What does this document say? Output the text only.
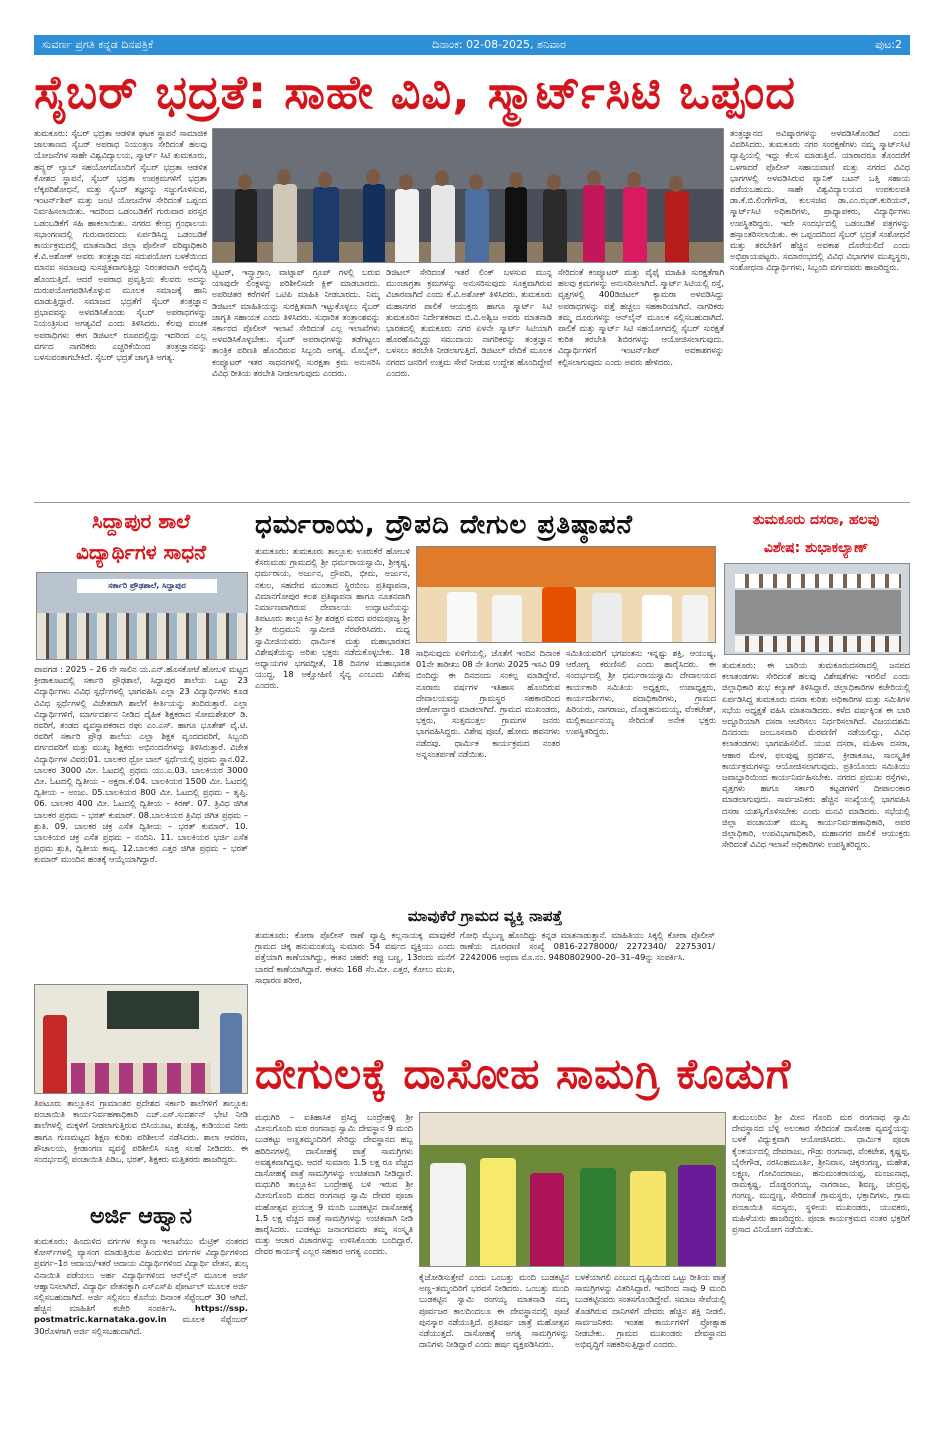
ಸುವರ್ಣ ಪ್ರಗತಿ ಕನ್ನಡ ದಿನಪತ್ರಿಕೆ	ದಿನಾಂಕ: 02-08-2025, ಶನಿವಾರ	ಪುಟ:2
ಸೈಬರ್ ಭದ್ರತೆ: ಸಾಹೇ ವಿವಿ, ಸ್ಮಾರ್ಟ್‌ಸಿಟಿ ಒಪ್ಪಂದ
ತುಮಕೂರು: ಸೈಬರ್ ಭದ್ರತಾ ಆಡಳಿತ ಘಟಕ ಸ್ಥಾಪನೆ ಸಾಮಾಜಿಕ ಜಾಲತಾಣದ ಸೈಬರ್ ಅಪರಾಧ ನಿಯಂತ್ರಣ ಸೇರಿದಂತೆ ಹಲವು ಯೋಜನೆಗಳ ಸಾಹೇ ವಿಶ್ವವಿದ್ಯಾಲಯ, ಸ್ಮಾರ್ಟ್ ಸಿಟಿ ತುಮಕೂರು, ಹನ್ಸ್ಬರ್ ಲ್ಯಾಬ್ ಸಹಯೋಗದೊಂದಿಗೆ ಸೈಬರ್ ಭದ್ರತಾ ಆಡಳಿತ ಕೋಶದ ಸ್ಥಾಪನೆ, ಸೈಬರ್ ಭದ್ರತಾ ಉಪಕ್ರಮಗಳಿಗೆ ಭದ್ರತಾ ಲೆಕ್ಕಪರಿಶೋಧನೆ, ಮತ್ತು ಸೈಬರ್ ತಜ್ಞರನ್ನು ಸಜ್ಜುಗೊಳಿಸುವ, ಇಂಟರ್ನ್‌ಶಿಪ್ ಮತ್ತು ಜಂಟಿ ಯೋಜನೆಗಳ ಸೇರಿದಂತೆ ಒಪ್ಪಂದ ನಿರ್ವಹಿಸಲಾಯಿತು. ಇದರಿಂದ ಒಡಂಬಡಿಕೆಗೆ ಗುರುವಾರ ಪರಸ್ಪರ ಒಡಂಬಡಿಕೆಗೆ ಸಹಿ ಹಾಕಲಾಯಿತು. ನಗರದ ಕೇಂದ್ರ ಗ್ರಂಥಾಲಯ ಸಭಾಂಗಣದಲ್ಲಿ ಗುರುವಾರದಂದು ಏರ್ಪಡಿಸಿದ್ದ ಒಡಂಬಡಿಕೆ ಕಾರ್ಯಕ್ರಮದಲ್ಲಿ ಮಾತನಾಡಿದ ಜಿಲ್ಲಾ ಪೊಲೀಸ್ ವರಿಷ್ಠಾಧಿಕಾರಿ ಕೆ.ವಿ.ಅಶೋಕ್ ಅವರು ತಂತ್ರಜ್ಞಾನದ ಸದುಪಯೋಗ ಬಳಕೆಯಿಂದ ಮಾನವ ಸಮಾಜವು ಸುಸಜ್ಜಿತವಾಗುತ್ತಿದ್ದು ನಿರಂತರವಾಗಿ ಅಭಿವೃದ್ಧಿ ಹೊಂದುತ್ತಿದೆ. ಆದರೆ ಅಪರಾಧ ಪ್ರವೃತ್ತಿಯ ಕೆಲವರು ಅದನ್ನು ದುರುಪಯೋಗಪಡಿಸಿಕೊಳ್ಳುವ ಮೂಲಕ ಸಮಾಜಕ್ಕೆ ಹಾನಿ ಮಾಡುತ್ತಿದ್ದಾರೆ. ಸಮಾಜದ ಭದ್ರತೆಗೆ ಸೈಬರ್ ತಂತ್ರಜ್ಞಾನ ಪ್ರಭಾವವನ್ನು ಅಳವಡಿಸಿಕೊಂಡು ಸೈಬರ್ ಅಪರಾಧಗಳನ್ನು ನಿಯಂತ್ರಿಸುವ ಅಗತ್ಯವಿದೆ ಎಂದು ತಿಳಿಸಿದರು. ಕೆಲವು ವಂಚಕ ಅಪರಾಧಿಗಳು ಈಗ ಡಿಜಿಟಲ್ ರೂಪದಲ್ಲಿದ್ದು ಇದರಿಂದ ಎಲ್ಲ ವರ್ಗದ ನಾಗರಿಕರು ಎಚ್ಚರಿಕೆಯಿಂದ ತಂತ್ರಜ್ಞಾನವನ್ನು ಬಳಸುವಂತಾಗಬೇಕಿದೆ. ಸೈಬರ್ ಭದ್ರತೆ ಜಾಗೃತಿ ಅಗತ್ಯ.
ಟ್ವಿಟರ್, ಇನ್ಸ್ಟಾಗ್ರಾಂ, ವಾಟ್ಸಾಪ್ ಗ್ರೂಪ್ ಗಳಲ್ಲಿ ಬರುವ ಯಾವುದೇ ಲಿಂಕ್ಗಳನ್ನು ಪರಿಶೀಲಿಸದೇ ಕ್ಲಿಕ್ ಮಾಡಬಾರದು. ಅಪರಿಚಿತರ ಕರೆಗಳಿಗೆ ಒಟಿಪಿ ಮಾಹಿತಿ ನೀಡಬಾರದು. ನಿಮ್ಮ ಡಿಜಿಟಲ್ ಮಾಹಿತಿಯನ್ನು ಸುರಕ್ಷಿತವಾಗಿ ಇಟ್ಟುಕೊಳ್ಳಲು ಸೈಬರ್ ಜಾಗೃತಿ ಸಹಾಯಕ ಎಂದು ತಿಳಿಸಿದರು. ಸುಧಾರಿತ ತಂತ್ರಾಂಶವನ್ನು ಸರ್ಕಾರದ ಪೊಲೀಸ್ ಇಲಾಖೆ ಸೇರಿದಂತೆ ಎಲ್ಲ ಇಲಾಖೆಗಳು ಅಳವಡಿಸಿಕೊಳ್ಳಬೇಕು. ಸೈಬರ್ ಅಪರಾಧಗಳನ್ನು ತಡೆಗಟ್ಟಲು ತಾಂತ್ರಿಕ ಪರಿಣತಿ ಹೊಂದಿರುವ ಸಿಬ್ಬಂದಿ ಅಗತ್ಯ. ಮೊಬೈಲ್, ಕಂಪ್ಯೂಟರ್ ಇತರ ಸಾಧನಗಳಲ್ಲಿ ಸುರಕ್ಷತಾ ಕ್ರಮ ಅನುಸರಿಸಿ ವಿವಿಧ ರೀತಿಯ ತರಬೇತಿ ನೀಡಲಾಗುವುದು ಎಂದರು.
ಡಿಜಿಟಲ್ ಸೇರಿದಂತೆ ಇತರೆ ಲಿಂಕ್ ಬಳಸುವ ಮುನ್ನ ಮುಂಜಾಗ್ರತಾ ಕ್ರಮಗಳನ್ನು ಅನುಸರಿಸುವುದು ಸೂಕ್ತವಾಗಿರುವ ವಿಚಾರವಾಗಿದೆ ಎಂದು ಕೆ.ವಿ.ಅಶೋಕ್ ತಿಳಿಸಿದರು. ತುಮಕೂರು ಮಹಾನಗರ ಪಾಲಿಕೆ ಆಯುಕ್ತರು ಹಾಗೂ ಸ್ಮಾರ್ಟ್ ಸಿಟಿ ತುಮಕೂರಿನ ನಿರ್ದೇಶಕರಾದ ಬಿ.ವಿ.ಅಶ್ವಿಜ ಅವರು ಮಾತನಾಡಿ ಭಾರತದಲ್ಲಿ ತುಮಕೂರು ನಗರ ಏಳನೇ ಸ್ಮಾರ್ಟ್ ಸಿಟಿಯಾಗಿ ಹೊರಹೊಮ್ಮಿದ್ದು ಸಮುದಾಯ ನಾಗರಿಕರನ್ನು ತಂತ್ರಜ್ಞಾನ ಬಳಸಲು ತರಬೇತಿ ನೀಡಲಾಗುತ್ತಿದೆ. ಡಿಜಿಟಲ್ ವೇದಿಕೆ ಮೂಲಕ ನಗರದ ಜನರಿಗೆ ಉತ್ತಮ ಸೇವೆ ನೀಡುವ ಉದ್ದೇಶ ಹೊಂದಿದ್ದೇವೆ ಎಂದರು.
ಸೇರಿದಂತೆ ಕಂಪ್ಯೂಟರ್ ಮತ್ತು ವೈಫೈ ಮಾಹಿತಿ ಸುರಕ್ಷತೆಗಾಗಿ ಹಲವು ಕ್ರಮಗಳನ್ನು ಅನುಸರಿಸಲಾಗಿದೆ. ಸ್ಮಾರ್ಟ್ ಸಿಟಿಯಲ್ಲಿ ರಸ್ತೆ, ವೃತ್ತಗಳಲ್ಲಿ 400ಡಿಜಿಟಲ್ ಕ್ಯಾಮರಾ ಅಳವಡಿಸಿದ್ದು ಅಪರಾಧಗಳನ್ನು ಪತ್ತೆ ಹಚ್ಚಲು ಸಹಕಾರಿಯಾಗಿದೆ. ನಾಗರಿಕರು ತಮ್ಮ ದೂರುಗಳನ್ನು ಆನ್‌ಲೈನ್ ಮೂಲಕ ಸಲ್ಲಿಸಬಹುದಾಗಿದೆ. ಪಾಲಿಕೆ ಮತ್ತು ಸ್ಮಾರ್ಟ್ ಸಿಟಿ ಸಹಯೋಗದಲ್ಲಿ ಸೈಬರ್ ಸುರಕ್ಷತೆ ಕುರಿತ ತರಬೇತಿ ಶಿಬಿರಗಳನ್ನು ಆಯೋಜಿಸಲಾಗುವುದು. ವಿದ್ಯಾರ್ಥಿಗಳಿಗೆ ಇಂಟರ್ನ್‌ಶಿಪ್ ಅವಕಾಶಗಳನ್ನು ಕಲ್ಪಿಸಲಾಗುವುದು ಎಂದು ಅವರು ಹೇಳಿದರು.
ತಂತ್ರಜ್ಞಾನದ ಅವಿಷ್ಕಾರಗಳನ್ನು ಅಳವಡಿಸಿಕೊಂಡಿದೆ ಎಂದು ವಿವರಿಸಿದರು. ತುಮಕೂರು ನಗರ ಸಂರಕ್ಷಣೆಗಳು ನಮ್ಮ ಸ್ಮಾರ್ಟ್‌ಸಿಟಿ ವ್ಯಾಪ್ತಿಯಲ್ಲಿ ಇದ್ದು ಕೆಲಸ ಮಾಡುತ್ತಿವೆ. ಯಾರಾದರೂ ತೊಂದರೆಗೆ ಒಳಗಾದರೆ ಪೊಲೀಸ್ ಸಹಾಯವಾಣಿ ಮತ್ತು ನಗರದ ವಿವಿಧ ಭಾಗಗಳಲ್ಲಿ ಅಳವಡಿಸಿರುವ ಪ್ಯಾನಿಕ್ ಬಟನ್ ಒತ್ತಿ ಸಹಾಯ ಪಡೆಯಬಹುದು. ಸಾಹೇ ವಿಶ್ವವಿದ್ಯಾಲಯದ ಉಪಕುಲಪತಿ ಡಾ.ಕೆ.ಬಿ.ಲಿಂಗೇಗೌಡ, ಕುಲಸಚಿವ ಡಾ.ಎಂ.ಝಡ್.ಕುರಿಯನ್, ಸ್ಮಾರ್ಟ್‌ಸಿಟಿ ಅಧಿಕಾರಿಗಳು, ಪ್ರಾಧ್ಯಾಪಕರು, ವಿದ್ಯಾರ್ಥಿಗಳು ಉಪಸ್ಥಿತರಿದ್ದರು. ಇದೇ ಸಂದರ್ಭದಲ್ಲಿ ಒಡಂಬಡಿಕೆ ಪತ್ರಗಳನ್ನು ಹಸ್ತಾಂತರಿಸಲಾಯಿತು. ಈ ಒಪ್ಪಂದದಿಂದ ಸೈಬರ್ ಭದ್ರತೆ ಸಂಶೋಧನೆ ಮತ್ತು ತರಬೇತಿಗೆ ಹೆಚ್ಚಿನ ಅವಕಾಶ ದೊರೆಯಲಿದೆ ಎಂದು ಅಭಿಪ್ರಾಯಪಟ್ಟರು. ಸಮಾರಂಭದಲ್ಲಿ ವಿವಿಧ ವಿಭಾಗಗಳ ಮುಖ್ಯಸ್ಥರು, ಸಂಶೋಧನಾ ವಿದ್ಯಾರ್ಥಿಗಳು, ಸಿಬ್ಬಂದಿ ವರ್ಗದವರು ಹಾಜರಿದ್ದರು.
ಸಿದ್ದಾಪುರ ಶಾಲೆ
ವಿದ್ಯಾರ್ಥಿಗಳ ಸಾಧನೆ
ಸರ್ಕಾರಿ ಪ್ರೌಢಶಾಲೆ, ಸಿದ್ದಾಪುರ
ಪಾವಗಡ : 2025 – 26 ನೇ ಸಾಲಿನ ಯ.ಎನ್.ಹೊಸಕೋಟೆ ಹೋಬಳಿ ಮಟ್ಟದ ಕ್ರೀಡಾಕೂಟದಲ್ಲಿ ಸರ್ಕಾರಿ ಪ್ರೌಢಶಾಲೆ, ಸಿದ್ದಾಪುರ ಶಾಲೆಯ ಒಟ್ಟು 23 ವಿದ್ಯಾರ್ಥಿಗಳು ವಿವಿಧ ಸ್ಪರ್ಧೆಗಳಲ್ಲಿ ಭಾಗವಹಿಸಿ ಎಲ್ಲಾ 23 ವಿದ್ಯಾರ್ಥಿಗಳು ಕೂಡ ವಿವಿಧ ಸ್ಪರ್ಧೆಗಳಲ್ಲಿ ವಿಜೇತರಾಗಿ ಶಾಲೆಗೆ ಕೀರ್ತಿಯನ್ನು ತಂದಿರುತ್ತಾರೆ. ಎಲ್ಲಾ ವಿದ್ಯಾರ್ಥಿಗಳಿಗೆ, ಮಾರ್ಗದರ್ಶನ ನೀಡಿದ ದೈಹಿಕ ಶಿಕ್ಷಕರಾದ ಸೋಮಶೇಖರ್ ಡಿ. ರವರಿಗೆ, ತಂಡದ ವ್ಯವಸ್ಥಾಪಕರಾದ ರಘು ಎಂ.ಎಸ್. ಹಾಗೂ ಭೂತೇಶ್ ವೈ.ಟಿ. ರವರಿಗೆ ಸರ್ಕಾರಿ ಪ್ರೌಢ ಶಾಲೆಯ ಎಲ್ಲಾ ಶಿಕ್ಷಕ ವೃಂದದವರಿಗೆ, ಸಿಬ್ಬಂದಿ ವರ್ಗದವರಿಗೆ ಮತ್ತು ಮುಖ್ಯ ಶಿಕ್ಷಕರು ಅಭಿನಂದನೆಗಳನ್ನು ತಿಳಿಸಿರುತ್ತಾರೆ. ವಿಜೇತ ವಿದ್ಯಾರ್ಥಿಗಳ ವಿವರ:01. ಬಾಲಕರ ಥ್ರೋ ಬಾಲ್ ಸ್ಪರ್ಧೆಯಲ್ಲಿ ಪ್ರಥಮ ಸ್ಥಾನ.02. ಬಾಲಕರ 3000 ಮೀ. ಓಟದಲ್ಲಿ ಪ್ರಥಮ ಯು.ಎ.03. ಬಾಲಕಿಯರ 3000 ಮೀ. ಓಟದಲ್ಲಿ ದ್ವಿತೀಯ – ಅಕ್ಷರಾ.ಕೆ.04. ಬಾಲಕಿಯರ 1500 ಮೀ. ಓಟದಲ್ಲಿ ದ್ವಿತೀಯ – ಅಂಜು. 05.ಬಾಲಕಿಯರ 800 ಮೀ. ಓಟದಲ್ಲಿ ಪ್ರಥಮ – ತೃಪ್ತಿ. 06. ಬಾಲಕರ 400 ಮೀ. ಓಟದಲ್ಲಿ ದ್ವಿತೀಯ – ಕಿರಣ್. 07. ತ್ರಿವಿಧ ಜಿಗಿತ ಬಾಲಕರ ಪ್ರಥಮ – ಭರತ್ ಕುಮಾರ್. 08.ಬಾಲಕಿಯರ ತ್ರಿವಿಧ ಜಿಗಿತ ಪ್ರಥಮ – ಶ್ರುತಿ. 09. ಬಾಲಕರ ಚಕ್ರ ಎಸೆತ ದ್ವಿತೀಯ – ಭರತ್ ಕುಮಾರ್. 10. ಬಾಲಕಿಯರ ಚಕ್ರ ಎಸೆತ ಪ್ರಥಮ – ನಂದಿನಿ. 11. ಬಾಲಕಿಯರ ಭರ್ಜಿ ಎಸೆತ ಪ್ರಥಮ ಶ್ರುತಿ, ದ್ವಿತೀಯ ಕಾವ್ಯ. 12.ಬಾಲಕರ ಎತ್ತರ ಜಿಗಿತ ಪ್ರಥಮ – ಭರತ್ ಕುಮಾರ್ ಮುಂದಿನ ಹಂತಕ್ಕೆ ಆಯ್ಕೆಯಾಗಿದ್ದಾರೆ.
ಧರ್ಮರಾಯ, ದ್ರೌಪದಿ ದೇಗುಲ ಪ್ರತಿಷ್ಠಾಪನೆ
ತುಮಕೂರು: ತುಮಕೂರು ತಾಲ್ಲೂಕು ಊರುಕೆರೆ ಹೋಬಳಿ ಕೆಸರುಮಡು ಗ್ರಾಮದಲ್ಲಿ ಶ್ರೀ ಧರ್ಮರಾಯಸ್ವಾಮಿ, ಶ್ರೀಕೃಷ್ಣ, ಧರ್ಮರಾಯ, ಅರ್ಜುನ, ದ್ರೌಪದಿ, ಭೀಮ, ಅರ್ಜುನ, ನಕುಲ, ಸಹದೇವ ಮುಂತಾದ ಸ್ಥಿರಬಿಂಬ ಪ್ರತಿಷ್ಠಾಪನಾ, ವಿಮಾನಗೋಪುರ ಕಲಶ ಪ್ರತಿಷ್ಠಾಪನಾ ಹಾಗೂ ನೂತನವಾಗಿ ನಿರ್ಮಾಣವಾಗಿರುವ ದೇವಾಲಯ ಉದ್ಘಾಟನೆಯನ್ನು ತಿಪಟೂರು ತಾಲ್ಲೂಕಿನ ಶ್ರೀ ಶಡಕ್ಷರ ಮಠದ ಪರಮಪೂಜ್ಯ ಶ್ರೀ ಶ್ರೀ ರುದ್ರಮುನಿ ಸ್ವಾಮೀಜಿ ನೆರವೇರಿಸಿದರು. ಮಧ್ಯ ಸ್ವಾಮೀಜಿಯವರು ಧಾರ್ಮಿಕ ಮತ್ತು ಮಹಾಭಾರತದ ವಿಶೇಷತೆಯನ್ನು ಅರಿತು ಭಕ್ತರು ನಡೆದುಕೊಳ್ಳಬೇಕು. 18 ಅಧ್ಯಾಯಗಳ ಭಗವದ್ಗೀತೆ, 18 ದಿನಗಳ ಮಹಾಭಾರತ ಯುದ್ಧ, 18 ಅಕ್ಷೋಹಿಣಿ ಸೈನ್ಯ ಎಂಬುದು ವಿಶೇಷ ಎಂದರು.
ಸಾಧಿಸುವುದು ಏಳಿಗೆಯಲ್ಲಿ, ಜೊತೆಗೆ ಇಂದಿನ ದಿನಾಂಕ 01ನೇ ತಾರೀಖು 08 ನೇ ತಿಂಗಳು 2025 ಇಸವಿ 09 ಬಿಂದಿದ್ದು ಈ ದಿನದಂದು ಸಂಕಲ್ಪ ಮಾಡಿದ್ದೇವೆ. ನೂರಾರು ವರ್ಷಗಳ ಇತಿಹಾಸ ಹೊಂದಿರುವ ದೇವಾಲಯವನ್ನು ಗ್ರಾಮಸ್ಥರ ಸಹಕಾರದಿಂದ ಜೀರ್ಣೋದ್ಧಾರ ಮಾಡಲಾಗಿದೆ. ಗ್ರಾಮದ ಮುಖಂಡರು, ಭಕ್ತರು, ಸುತ್ತಮುತ್ತಲ ಗ್ರಾಮಗಳ ಜನರು ಭಾಗವಹಿಸಿದ್ದರು. ವಿಶೇಷ ಪೂಜೆ, ಹೋಮ ಹವನಗಳು ನಡೆದವು. ಧಾರ್ಮಿಕ ಕಾರ್ಯಕ್ರಮದ ನಂತರ ಅನ್ನಸಂತರ್ಪಣೆ ನಡೆಯಿತು.
ಸಮಿತಿಯವರಿಗೆ ಭಗವಂತನು ಇನ್ನಷ್ಟು ಶಕ್ತಿ, ಆಯುಷ್ಯ, ಆರೋಗ್ಯ ಕರುಣಿಸಲಿ ಎಂದು ಹಾರೈಸಿದರು. ಈ ಸಂದರ್ಭದಲ್ಲಿ ಶ್ರೀ ಧರ್ಮರಾಯಸ್ವಾಮಿ ದೇವಾಲಯದ ಕಾರ್ಯಕಾರಿ ಸಮಿತಿಯ ಅಧ್ಯಕ್ಷರು, ಉಪಾಧ್ಯಕ್ಷರು, ಕಾರ್ಯದರ್ಶಿಗಳು, ಪದಾಧಿಕಾರಿಗಳು, ಗ್ರಾಮದ ಹಿರಿಯರು, ನಾಗರಾಜು, ದೊಡ್ಡಹನುಮಯ್ಯ, ವೆಂಕಟೇಶ್, ಮಲ್ಲಿಕಾರ್ಜುನಯ್ಯ ಸೇರಿದಂತೆ ಅನೇಕ ಭಕ್ತರು ಉಪಸ್ಥಿತರಿದ್ದರು.
ತುಮಕೂರು ದಸರಾ, ಹಲವು
ವಿಶೇಷ: ಶುಭಾಕಲ್ಯಾಣ್
ತುಮಕೂರು: ಈ ಬಾರಿಯ ತುಮಕೂರುದಸರಾದಲ್ಲಿ ಜನಪದ ಕಲಾತಂಡಗಳು ಸೇರಿದಂತೆ ಹಲವು ವಿಶೇಷತೆಗಳು ಇರಲಿವೆ ಎಂದು ಜಿಲ್ಲಾಧಿಕಾರಿ ಶುಭ ಕಲ್ಯಾಣ್ ತಿಳಿಸಿದ್ದಾರೆ. ಜಿಲ್ಲಾಧಿಕಾರಿಗಳ ಕಚೇರಿಯಲ್ಲಿ ಏರ್ಪಡಿಸಿದ್ದ ತುಮಕೂರು ದಸರಾ ಕುರಿತು ಅಧಿಕಾರಿಗಳ ಮತ್ತು ಸಮಿತಿಗಳ ಸಭೆಯ ಅಧ್ಯಕ್ಷತೆ ವಹಿಸಿ ಮಾತನಾಡಿದರು. ಕಳೆದ ವರ್ಷಕ್ಕಿಂತ ಈ ಬಾರಿ ಅದ್ದೂರಿಯಾಗಿ ದಸರಾ ಆಚರಿಸಲು ನಿರ್ಧರಿಸಲಾಗಿದೆ. ವಿಜಯದಶಮಿ ದಿನದಂದು ಜಂಬೂಸವಾರಿ ಮೆರವಣಿಗೆ ನಡೆಯಲಿದ್ದು, ವಿವಿಧ ಕಲಾತಂಡಗಳು ಭಾಗವಹಿಸಲಿವೆ. ಯುವ ದಸರಾ, ಮಹಿಳಾ ದಸರಾ, ಆಹಾರ ಮೇಳ, ಫಲಪುಷ್ಪ ಪ್ರದರ್ಶನ, ಕ್ರೀಡಾಕೂಟ, ಸಾಂಸ್ಕೃತಿಕ ಕಾರ್ಯಕ್ರಮಗಳನ್ನು ಆಯೋಜಿಸಲಾಗುವುದು. ಪ್ರತಿಯೊಂದು ಸಮಿತಿಯು ಜವಾಬ್ದಾರಿಯಿಂದ ಕಾರ್ಯನಿರ್ವಹಿಸಬೇಕು. ನಗರದ ಪ್ರಮುಖ ರಸ್ತೆಗಳು, ವೃತ್ತಗಳು ಹಾಗೂ ಸರ್ಕಾರಿ ಕಟ್ಟಡಗಳಿಗೆ ದೀಪಾಲಂಕಾರ ಮಾಡಲಾಗುವುದು. ಸಾರ್ವಜನಿಕರು ಹೆಚ್ಚಿನ ಸಂಖ್ಯೆಯಲ್ಲಿ ಭಾಗವಹಿಸಿ ದಸರಾ ಯಶಸ್ವಿಗೊಳಿಸಬೇಕು ಎಂದು ಮನವಿ ಮಾಡಿದರು. ಸಭೆಯಲ್ಲಿ ಜಿಲ್ಲಾ ಪಂಚಾಯತ್ ಮುಖ್ಯ ಕಾರ್ಯನಿರ್ವಹಣಾಧಿಕಾರಿ, ಅಪರ ಜಿಲ್ಲಾಧಿಕಾರಿ, ಉಪವಿಭಾಗಾಧಿಕಾರಿ, ಮಹಾನಗರ ಪಾಲಿಕೆ ಆಯುಕ್ತರು ಸೇರಿದಂತೆ ವಿವಿಧ ಇಲಾಖೆ ಅಧಿಕಾರಿಗಳು ಉಪಸ್ಥಿತರಿದ್ದರು.
ಮಾವುಕೆರೆ ಗ್ರಾಮದ ವ್ಯಕ್ತಿ ನಾಪತ್ತೆ
ತುಮಕೂರು: ಕೋರಾ ಪೊಲೀಸ್ ಠಾಣೆ ವ್ಯಾಪ್ತಿ ಕಲ್ಲನಾಯಕ್ಕ ಮಾವುಕೆರೆ ಗ್ರಾಮದ ಚಿಕ್ಕ ಹನುಮಂತಯ್ಯ ಸುಮಾರು 54 ವರ್ಷದ ವ್ಯಕ್ತಿಯು ಎಂದು ಪತ್ತೆಯಾಗಿ ಕಾಣೆಯಾಗಿದ್ದು, ಈತನ ಚಹರೆ: ಕಪ್ಪು ಬಣ್ಣ, 13ರಂದು ಮನೆಗೆ ಬಾರದೆ ಕಾಣೆಯಾಗಿದ್ದಾರೆ. ಈತನು 168 ಸೆಂ.ಮೀ. ಎತ್ತರ, ಕೋಲು ಮುಖ, ಸಾಧಾರಣ ಶರೀರ,
ಗೋಧಿ ಮೈಬಣ್ಣ ಹೊಂದಿದ್ದು ಕನ್ನಡ ಮಾತನಾಡುತ್ತಾನೆ. ಮಾಹಿತಿಯು ಸಿಕ್ಕಲ್ಲಿ ಕೋರಾ ಪೊಲೀಸ್ ಠಾಣೆಯ ದೂರವಾಣಿ ಸಂಖ್ಯೆ 0816-2278000/ 2272340/ 2275301/ 2242006 ಅಥವಾ ಮೊ.ನಂ. 9480802900–20–31–49ನ್ನು ಸಂಪರ್ಕಿಸಿ.
ದೇಗುಲಕ್ಕೆ ದಾಸೋಹ ಸಾಮಗ್ರಿ ಕೊಡುಗೆ
ಮಧುಗಿರಿ – ಐತಿಹಾಸಿಕ ಪ್ರಸಿದ್ಧ ಬಂದ್ರೇಹಳ್ಳಿ ಶ್ರೀ ಮೀನುಗೊಂದಿ ಮಠ ರಂಗನಾಥ ಸ್ವಾಮಿ ದೇವಸ್ಥಾನ 9 ಮಂದಿ ಬುಡಕಟ್ಟು ಅಣ್ಣತಮ್ಮಂದಿರಿಗೆ ಸೇರಿದ್ದು ದೇವಸ್ಥಾನದ ಹಬ್ಬ ಹರಿದಿನಗಳಲ್ಲಿ ದಾಸೋಹಕ್ಕೆ ಪಾತ್ರೆ ಸಾಮಗ್ರಿಗಳು ಅವಶ್ಯಕವಾಗಿದ್ದವು. ಆದರೆ ಸುಮಾರು 1.5 ಲಕ್ಷ ರೂ ವೆಚ್ಚದ ದಾಸೋಹಕ್ಕೆ ಪಾತ್ರೆ ಸಾಮಗ್ರಿಗಳನ್ನು ಉಚಿತವಾಗಿ ನೀಡಿದ್ದಾರೆ. ಮಧುಗಿರಿ ತಾಲ್ಲೂಕಿನ ಬಂದ್ರೇಹಳ್ಳಿ ಬಳಿ ಇರುವ ಶ್ರೀ ಮೀನುಗೊಂದಿ ಮಠದ ರಂಗನಾಥ ಸ್ವಾಮಿ ದೇವರ ಪೂಜಾ ಮಹೋತ್ಸವ ಪ್ರಯುಕ್ತ 9 ಮಂದಿ ಬುಡಕಟ್ಟಿನ ದಾಸೋಹಕ್ಕೆ 1.5 ಲಕ್ಷ ವೆಚ್ಚದ ಪಾತ್ರೆ ಸಾಮಗ್ರಿಗಳನ್ನು ಉಚಿತವಾಗಿ ನೀಡಿ ಹಾರೈಸಿದರು. ಬುಡಕಟ್ಟು ಜನಾಂಗದವರು ತಮ್ಮ ಸಂಸ್ಕೃತಿ ಮತ್ತು ಆಚಾರ ವಿಚಾರಗಳನ್ನು ಉಳಿಸಿಕೊಂಡು ಬಂದಿದ್ದಾರೆ. ದೇವರ ಕಾರ್ಯಕ್ಕೆ ಎಲ್ಲರ ಸಹಕಾರ ಅಗತ್ಯ ಎಂದರು.
ಕೈಜೋಡಿಸುತ್ತೇವೆ ಎಂದು ಒಂಬತ್ತು ಮಂದಿ ಬುಡಕಟ್ಟಿನ ಅಣ್ಣ–ತಮ್ಮಂದಿರಿಗೆ ಭರವಸೆ ನೀಡಿದರು. ಒಂಬತ್ತು ಮಂದಿ ಬುಡಕಟ್ಟಿನ ಸ್ವಾಮಿ ರಂಗಯ್ಯ ಮಾತನಾಡಿ ನಮ್ಮ ಪೂರ್ವಜರ ಕಾಲದಿಂದಲೂ ಈ ದೇವಸ್ಥಾನದಲ್ಲಿ ಪೂಜೆ ಪುನಸ್ಕಾರ ನಡೆಯುತ್ತಿದೆ. ಪ್ರತಿವರ್ಷ ಜಾತ್ರೆ ಮಹೋತ್ಸವ ನಡೆಯುತ್ತದೆ. ದಾಸೋಹಕ್ಕೆ ಅಗತ್ಯ ಸಾಮಗ್ರಿಗಳನ್ನು ದಾನಿಗಳು ನೀಡಿದ್ದಾರೆ ಎಂದು ಹರ್ಷ ವ್ಯಕ್ತಪಡಿಸಿದರು.
ಬಳಕೆಯಾಗಲಿ ಎಂಬುದ ದೃಷ್ಟಿಯಿಂದ ಒಟ್ಟು ರೀತಿಯ ಪಾತ್ರೆ ಸಾಮಗ್ರಿಗಳನ್ನು ವಿತರಿಸಿದ್ದಾರೆ. ಇದರಿಂದ ನಾವು 9 ಮಂದಿ ಬುಡಕಟ್ಟಿನವರು ಸಂತಸಗೊಂಡಿದ್ದೇವೆ. ಸಮಾಜ ಸೇವೆಯಲ್ಲಿ ತೊಡಗಿರುವ ದಾನಿಗಳಿಗೆ ದೇವರು ಹೆಚ್ಚಿನ ಶಕ್ತಿ ನೀಡಲಿ. ಸಾರ್ವಜನಿಕರು ಇಂತಹ ಕಾರ್ಯಗಳಿಗೆ ಪ್ರೋತ್ಸಾಹ ನೀಡಬೇಕು. ಗ್ರಾಮದ ಮುಖಂಡರು ದೇವಸ್ಥಾನದ ಅಭಿವೃದ್ಧಿಗೆ ಸಹಕರಿಸುತ್ತಿದ್ದಾರೆ ಎಂದರು.
ತುಮುಲುರಿನ ಶ್ರೀ ಮೀನ ಗೊಂದಿ ಮಠ ರಂಗನಾಥ ಸ್ವಾಮಿ ದೇವಸ್ಥಾನದ ಬೆಳ್ಳಿ ಅಲಂಕಾರ ಸೇರಿದಂತೆ ದಾಸೋಹ ವ್ಯವಸ್ಥೆಯನ್ನು ಬಳಕೆ ವಿಧ್ಯುಕ್ತವಾಗಿ ಆಯೋಜಿಸಿದರು. ಧಾರ್ಮಿಕ ಪೂಜಾ ಕೈಂಕರ್ಯದಲ್ಲಿ ದೇವರಾಜು, ಗೌಡ್ರು ರಂಗನಾಥ, ವೆಂಕಟೇಶ, ಕೃಷ್ಣಪ್ಪ, ಬೈರೇಗೌಡ, ನರಸಿಂಹಮೂರ್ತಿ, ಶ್ರೀನಿವಾಸ, ಚಿಕ್ಕರಂಗಣ್ಣ, ಮಹೇಶ, ಲಕ್ಷ್ಮಣ, ಗೋವಿಂದರಾಜು, ಹನುಮಂತರಾಯಪ್ಪ, ಮಂಜುನಾಥ, ರಾಮಕೃಷ್ಣ, ದೊಡ್ಡರಂಗಯ್ಯ, ನಾಗರಾಜು, ಶಿವಣ್ಣ, ಚಂದ್ರಪ್ಪ, ಗಂಗಣ್ಣ, ಮುದ್ದಣ್ಣ, ಸೇರಿದಂತೆ ಗ್ರಾಮಸ್ಥರು, ಭಕ್ತಾದಿಗಳು, ಗ್ರಾಮ ಪಂಚಾಯಿತಿ ಸದಸ್ಯರು, ಸ್ಥಳೀಯ ಮುಖಂಡರು, ಯುವಕರು, ಮಹಿಳೆಯರು ಹಾಜರಿದ್ದರು. ಪೂಜಾ ಕಾರ್ಯಕ್ರಮದ ನಂತರ ಭಕ್ತರಿಗೆ ಪ್ರಸಾದ ವಿನಿಯೋಗ ನಡೆಯಿತು.
ತಿಪಟೂರು ತಾಲ್ಲೂಕಿನ ಗ್ರಾಮಾಂತರ ಪ್ರದೇಶದ ಸರ್ಕಾರಿ ಶಾಲೆಗಳಿಗೆ ತಾಲ್ಲೂಕು ಪಂಚಾಯಿತಿ ಕಾರ್ಯನಿರ್ವಹಣಾಧಿಕಾರಿ ಎಚ್.ಎಸ್.ಸುದರ್ಶನ್ ಭೇಟಿ ನೀಡಿ ಶಾಲೆಗಳಲ್ಲಿ ಮಕ್ಕಳಿಗೆ ನೀಡಲಾಗುತ್ತಿರುವ ಬಿಸಿಯೂಟ, ಶುಚಿತ್ವ, ಕುಡಿಯುವ ನೀರು ಹಾಗೂ ಗುಣಮಟ್ಟದ ಶಿಕ್ಷಣ ಕುರಿತು ಪರಿಶೀಲನೆ ನಡೆಸಿದರು. ಶಾಲಾ ಆವರಣ, ಶೌಚಾಲಯ, ಕ್ರೀಡಾಂಗಣ ವ್ಯವಸ್ಥೆ ಪರಿಶೀಲಿಸಿ ಸೂಕ್ತ ಸಲಹೆ ನೀಡಿದರು. ಈ ಸಂದರ್ಭದಲ್ಲಿ ಪಂಚಾಯಿತಿ ಪಿಡಿಒ, ಭರತ್, ಶಿಕ್ಷಕರು ಮತ್ತಿತರರು ಹಾಜರಿದ್ದರು.
ಅರ್ಜಿ ಆಹ್ವಾನ
ತುಮಕೂರು: ಹಿಂದುಳಿದ ವರ್ಗಗಳ ಕಲ್ಯಾಣ ಇಲಾಖೆಯು ಮೆಟ್ರಿಕ್ ನಂತರದ ಕೋರ್ಸ್‌ಗಳಲ್ಲಿ ವ್ಯಾಸಂಗ ಮಾಡುತ್ತಿರುವ ಹಿಂದುಳಿದ ವರ್ಗಗಳ ವಿದ್ಯಾರ್ಥಿಗಳಿಂದ ಪ್ರವರ್ಗ–1ರ ಆದಾಯ/ಇತರೆ ಆದಾಯ ವಿದ್ಯಾರ್ಥಿಗಳಿಂದ ವಿದ್ಯಾರ್ಥಿ ವೇತನ, ಶುಲ್ಕ ವಿನಾಯಿತಿ ಪಡೆಯಲು ಅರ್ಹ ವಿದ್ಯಾರ್ಥಿಗಳಿಂದ ಆನ್‌ಲೈನ್ ಮೂಲಕ ಅರ್ಜಿ ಆಹ್ವಾನಿಸಲಾಗಿದೆ. ವಿದ್ಯಾರ್ಥಿ ವೇತನಕ್ಕಾಗಿ ಎಸ್‌ಎಸ್‌ಪಿ ಪೋರ್ಟಲ್ ಮೂಲಕ ಅರ್ಜಿ ಸಲ್ಲಿಸಬಹುದಾಗಿದೆ. ಅರ್ಜಿ ಸಲ್ಲಿಸಲು ಕೊನೆಯ ದಿನಾಂಕ ಸೆಪ್ಟೆಂಬರ್ 30 ಆಗಿದೆ. ಹೆಚ್ಚಿನ ಮಾಹಿತಿಗೆ ಕಚೇರಿ ಸಂಪರ್ಕಿಸಿ. https://ssp. postmatric.karnataka.gov.in ಮೂಲಕ ಸೆಪ್ಟೆಂಬರ್ 30ರೊಳಗಾಗಿ ಅರ್ಜಿ ಸಲ್ಲಿಸಬಹುದಾಗಿದೆ.
